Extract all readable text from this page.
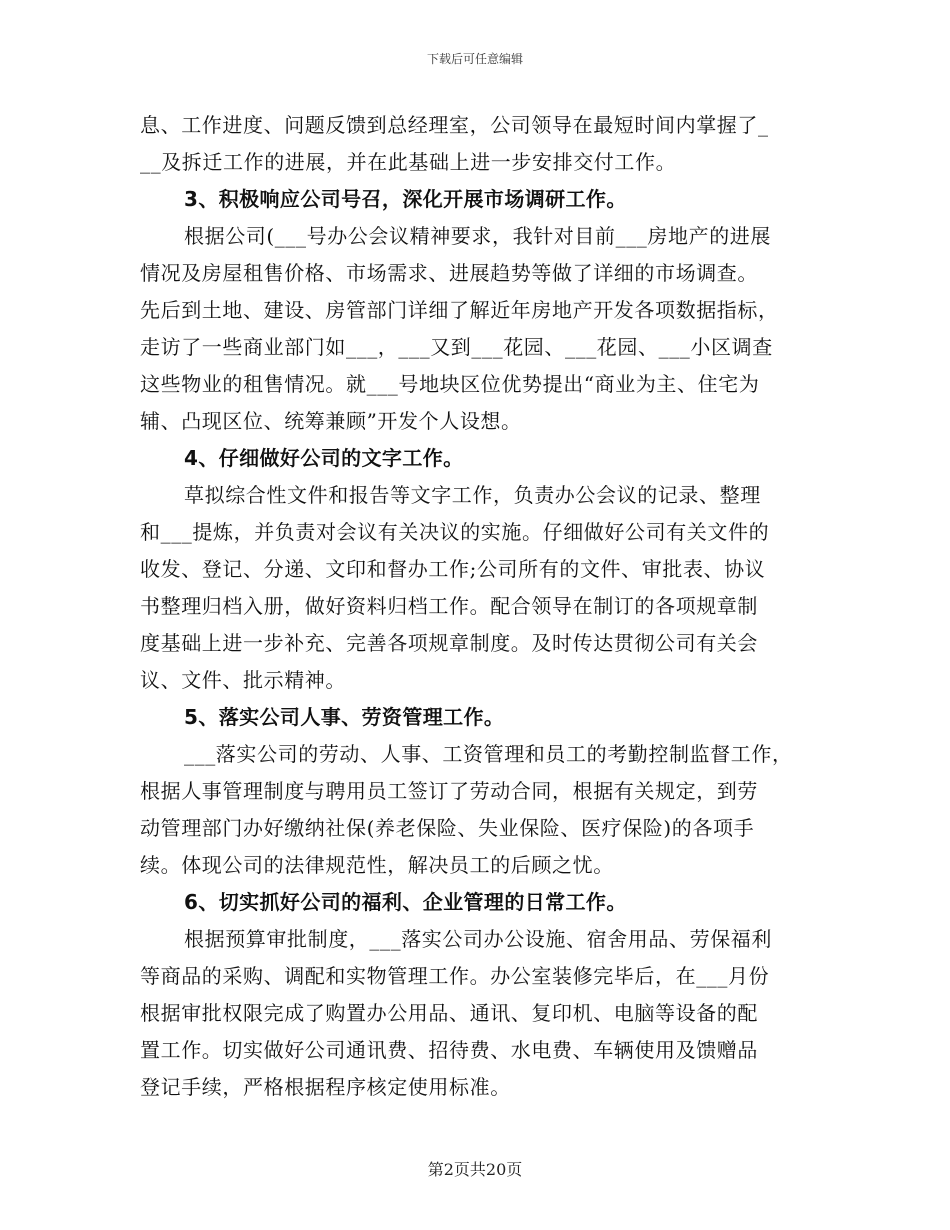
下载后可任意编辑
息、工作进度、问题反馈到总经理室，公司领导在最短时间内掌握了_
__及拆迁工作的进展，并在此基础上进一步安排交付工作。
3、积极响应公司号召，深化开展市场调研工作。
根据公司(___号办公会议精神要求，我针对目前___房地产的进展
情况及房屋租售价格、市场需求、进展趋势等做了详细的市场调查。
先后到土地、建设、房管部门详细了解近年房地产开发各项数据指标，
走访了一些商业部门如___，___又到___花园、___花园、___小区调查
这些物业的租售情况。就___号地块区位优势提出“商业为主、住宅为
辅、凸现区位、统筹兼顾”开发个人设想。
4、仔细做好公司的文字工作。
草拟综合性文件和报告等文字工作，负责办公会议的记录、整理
和___提炼，并负责对会议有关决议的实施。仔细做好公司有关文件的
收发、登记、分递、文印和督办工作;公司所有的文件、审批表、协议
书整理归档入册，做好资料归档工作。配合领导在制订的各项规章制
度基础上进一步补充、完善各项规章制度。及时传达贯彻公司有关会
议、文件、批示精神。
5、落实公司人事、劳资管理工作。
___落实公司的劳动、人事、工资管理和员工的考勤控制监督工作，
根据人事管理制度与聘用员工签订了劳动合同，根据有关规定，到劳
动管理部门办好缴纳社保(养老保险、失业保险、医疗保险)的各项手
续。体现公司的法律规范性，解决员工的后顾之忧。
6、切实抓好公司的福利、企业管理的日常工作。
根据预算审批制度，___落实公司办公设施、宿舍用品、劳保福利
等商品的采购、调配和实物管理工作。办公室装修完毕后，在___月份
根据审批权限完成了购置办公用品、通讯、复印机、电脑等设备的配
置工作。切实做好公司通讯费、招待费、水电费、车辆使用及馈赠品
登记手续，严格根据程序核定使用标准。
第2页共20页
